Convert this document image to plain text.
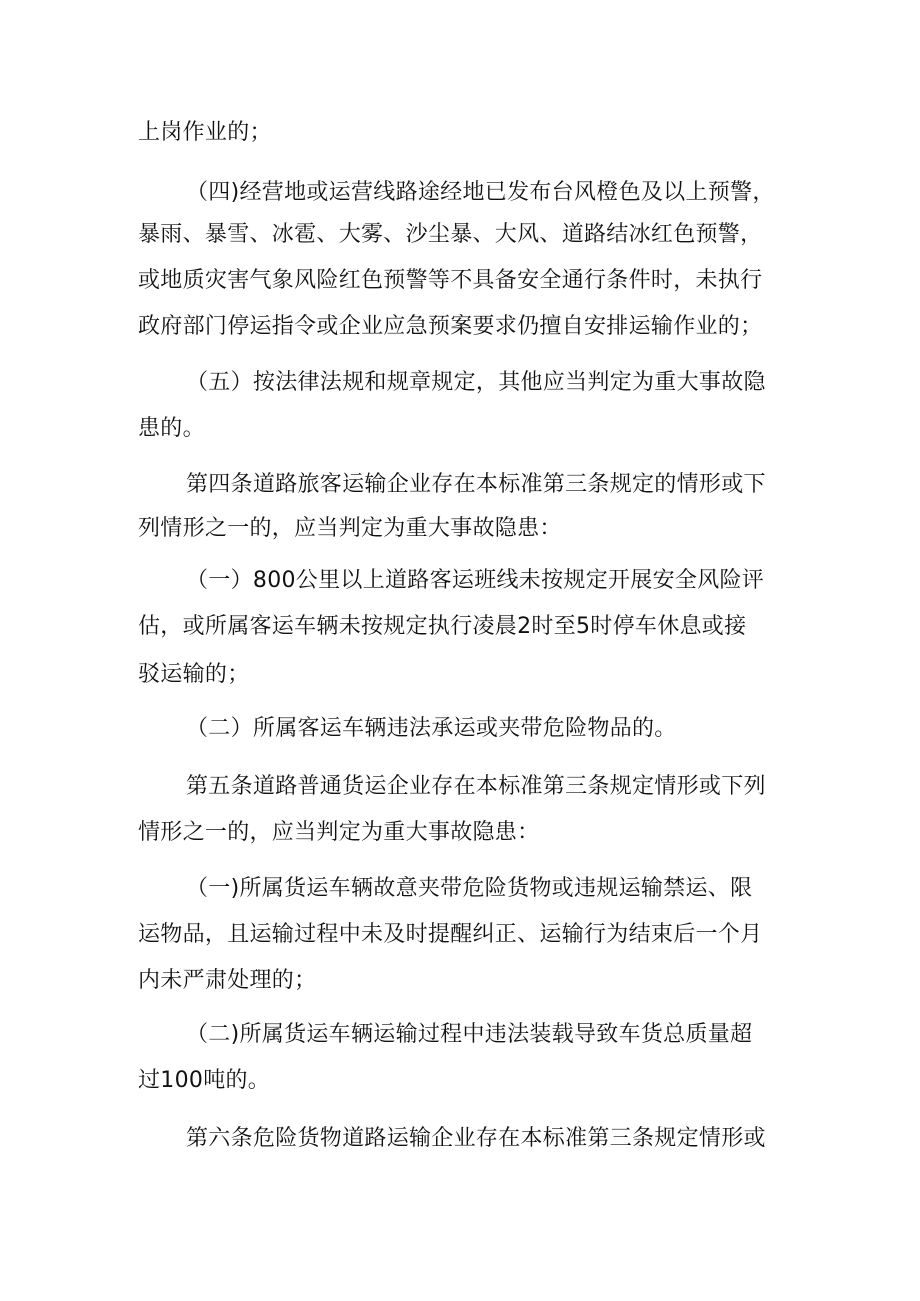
上岗作业的；
（四)经营地或运营线路途经地已发布台风橙色及以上预警，
暴雨、暴雪、冰雹、大雾、沙尘暴、大风、道路结冰红色预警，
或地质灾害气象风险红色预警等不具备安全通行条件时，未执行
政府部门停运指令或企业应急预案要求仍擅自安排运输作业的；
（五）按法律法规和规章规定，其他应当判定为重大事故隐
患的。
第四条道路旅客运输企业存在本标准第三条规定的情形或下
列情形之一的，应当判定为重大事故隐患：
（一）800公里以上道路客运班线未按规定开展安全风险评
估，或所属客运车辆未按规定执行凌晨2时至5时停车休息或接
驳运输的；
（二）所属客运车辆违法承运或夹带危险物品的。
第五条道路普通货运企业存在本标准第三条规定情形或下列
情形之一的，应当判定为重大事故隐患：
（一)所属货运车辆故意夹带危险货物或违规运输禁运、限
运物品，且运输过程中未及时提醒纠正、运输行为结束后一个月
内未严肃处理的；
（二)所属货运车辆运输过程中违法装载导致车货总质量超
过100吨的。
第六条危险货物道路运输企业存在本标准第三条规定情形或
